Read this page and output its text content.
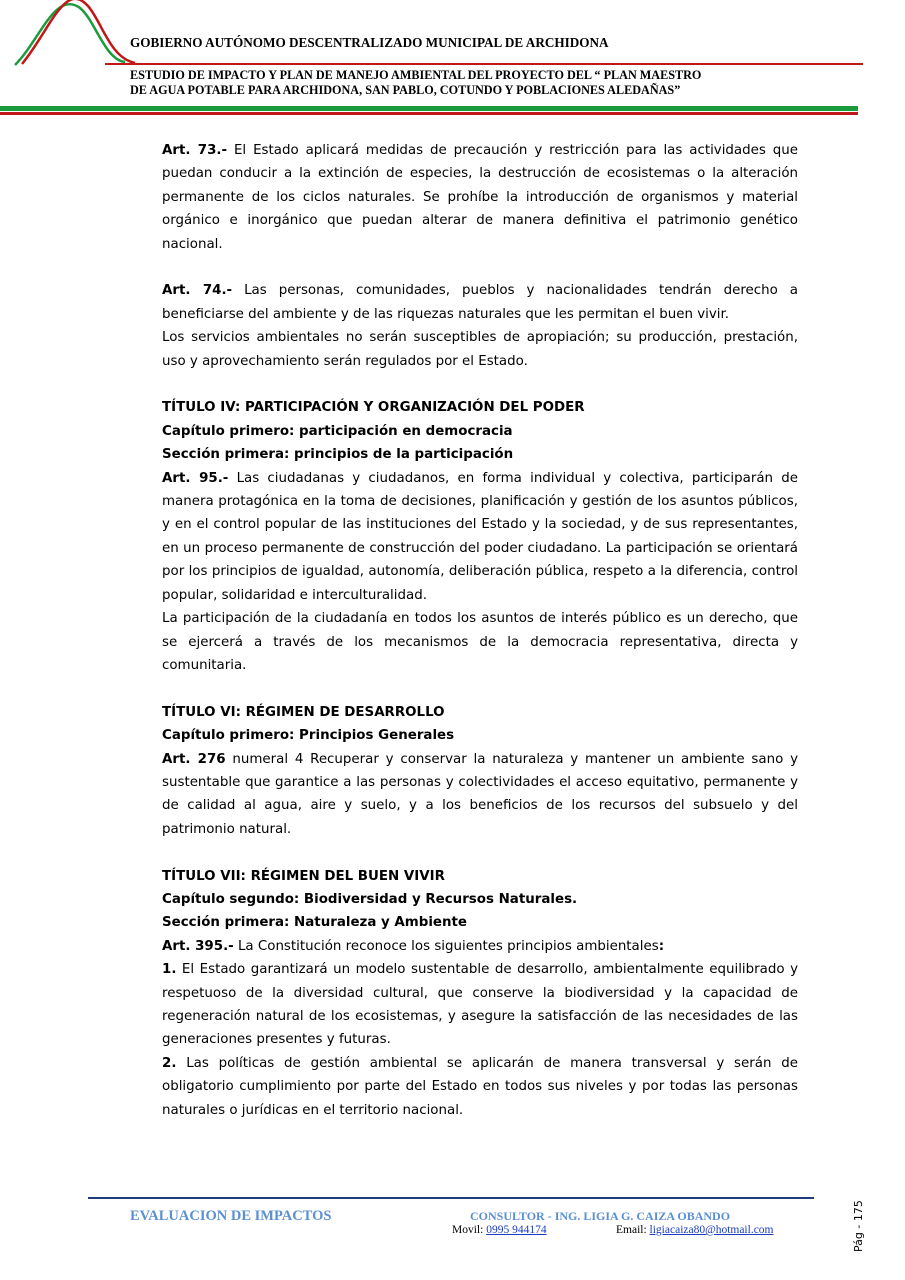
GOBIERNO AUTÓNOMO DESCENTRALIZADO MUNICIPAL DE ARCHIDONA
ESTUDIO DE IMPACTO Y PLAN DE MANEJO AMBIENTAL DEL PROYECTO DEL “ PLAN MAESTRO
DE AGUA POTABLE PARA ARCHIDONA, SAN PABLO, COTUNDO Y POBLACIONES ALEDAÑAS”

Art. 73.- El Estado aplicará medidas de precaución y restricción para las actividades que puedan conducir a la extinción de especies, la destrucción de ecosistemas o la alteración permanente de los ciclos naturales. Se prohíbe la introducción de organismos y material orgánico e inorgánico que puedan alterar de manera definitiva el patrimonio genético nacional.

Art. 74.- Las personas, comunidades, pueblos y nacionalidades tendrán derecho a beneficiarse del ambiente y de las riquezas naturales que les permitan el buen vivir.

Los servicios ambientales no serán susceptibles de apropiación; su producción, prestación, uso y aprovechamiento serán regulados por el Estado.

TÍTULO IV: PARTICIPACIÓN Y ORGANIZACIÓN DEL PODER

Capítulo primero: participación en democracia

Sección primera: principios de la participación

Art. 95.- Las ciudadanas y ciudadanos, en forma individual y colectiva, participarán de manera protagónica en la toma de decisiones, planificación y gestión de los asuntos públicos, y en el control popular de las instituciones del Estado y la sociedad, y de sus representantes, en un proceso permanente de construcción del poder ciudadano. La participación se orientará por los principios de igualdad, autonomía, deliberación pública, respeto a la diferencia, control popular, solidaridad e interculturalidad.

La participación de la ciudadanía en todos los asuntos de interés público es un derecho, que se ejercerá a través de los mecanismos de la democracia representativa, directa y comunitaria.

TÍTULO VI: RÉGIMEN DE DESARROLLO

Capítulo primero: Principios Generales

Art. 276 numeral 4 Recuperar y conservar la naturaleza y mantener un ambiente sano y sustentable que garantice a las personas y colectividades el acceso equitativo, permanente y de calidad al agua, aire y suelo, y a los beneficios de los recursos del subsuelo y del patrimonio natural.

TÍTULO VII: RÉGIMEN DEL BUEN VIVIR

Capítulo segundo: Biodiversidad y Recursos Naturales.

Sección primera: Naturaleza y Ambiente

Art. 395.- La Constitución reconoce los siguientes principios ambientales:

1. El Estado garantizará un modelo sustentable de desarrollo, ambientalmente equilibrado y respetuoso de la diversidad cultural, que conserve la biodiversidad y la capacidad de regeneración natural de los ecosistemas, y asegure la satisfacción de las necesidades de las generaciones presentes y futuras.

2. Las políticas de gestión ambiental se aplicarán de manera transversal y serán de obligatorio cumplimiento por parte del Estado en todos sus niveles y por todas las personas naturales o jurídicas en el territorio nacional.

EVALUACION DE IMPACTOS	CONSULTOR - ING. LIGIA G. CAIZA OBANDO
Movil: 0995 944174	Email: ligiacaiza80@hotmail.com	Pág - 175
